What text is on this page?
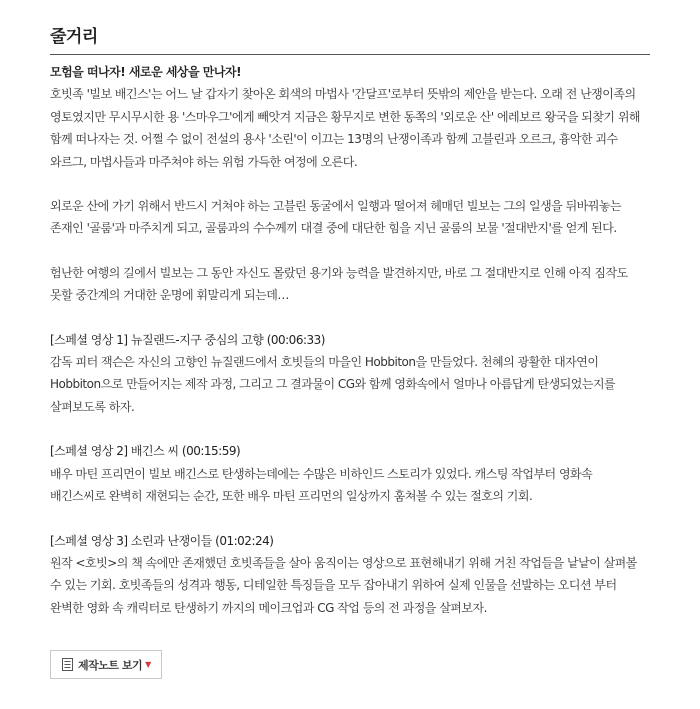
줄거리

모험을 떠나자! 새로운 세상을 만나자!

호빗족 '빌보 배긴스'는 어느 날 갑자기 찾아온 회색의 마법사 '간달프'로부터 뜻밖의 제안을 받는다. 오래 전 난쟁이족의 영토였지만 무시무시한 용 '스마우그'에게 빼앗겨 지금은 황무지로 변한 동쪽의 '외로운 산' 에레보르 왕국을 되찾기 위해 함께 떠나자는 것. 어쩔 수 없이 전설의 용사 '소린'이 이끄는 13명의 난쟁이족과 함께 고블린과 오르크, 흉악한 괴수 와르그, 마법사들과 마주쳐야 하는 위험 가득한 여정에 오른다.

외로운 산에 가기 위해서 반드시 거쳐야 하는 고블린 동굴에서 일행과 떨어져 헤매던 빌보는 그의 일생을 뒤바꿔놓는 존재인 '골룸'과 마주치게 되고, 골룸과의 수수께끼 대결 중에 대단한 힘을 지닌 골룸의 보물 '절대반지'를 얻게 된다.

험난한 여행의 길에서 빌보는 그 동안 자신도 몰랐던 용기와 능력을 발견하지만, 바로 그 절대반지로 인해 아직 짐작도 못할 중간계의 거대한 운명에 휘말리게 되는데…

[스페셜 영상 1] 뉴질랜드-지구 중심의 고향 (00:06:33)

감독 피터 잭슨은 자신의 고향인 뉴질랜드에서 호빗들의 마을인 Hobbiton을 만들었다. 천혜의 광활한 대자연이 Hobbiton으로 만들어지는 제작 과정, 그리고 그 결과물이 CG와 함께 영화속에서 얼마나 아름답게 탄생되었는지를 살펴보도록 하자.

[스페셜 영상 2] 배긴스 씨 (00:15:59)

배우 마틴 프리먼이 빌보 배긴스로 탄생하는데에는 수많은 비하인드 스토리가 있었다. 캐스팅 작업부터 영화속 배긴스씨로 완벽히 재현되는 순간, 또한 배우 마틴 프리먼의 일상까지 훔쳐볼 수 있는 절호의 기회.

[스페셜 영상 3] 소린과 난쟁이들 (01:02:24)

원작 <호빗>의 책 속에만 존재했던 호빗족들을 살아 움직이는 영상으로 표현해내기 위해 거친 작업들을 낱낱이 살펴볼 수 있는 기회. 호빗족들의 성격과 행동, 디테일한 특징들을 모두 잡아내기 위하여 실제 인물을 선발하는 오디션 부터 완벽한 영화 속 캐릭터로 탄생하기 까지의 메이크업과 CG 작업 등의 전 과정을 살펴보자.

제작노트 보기 ▼
